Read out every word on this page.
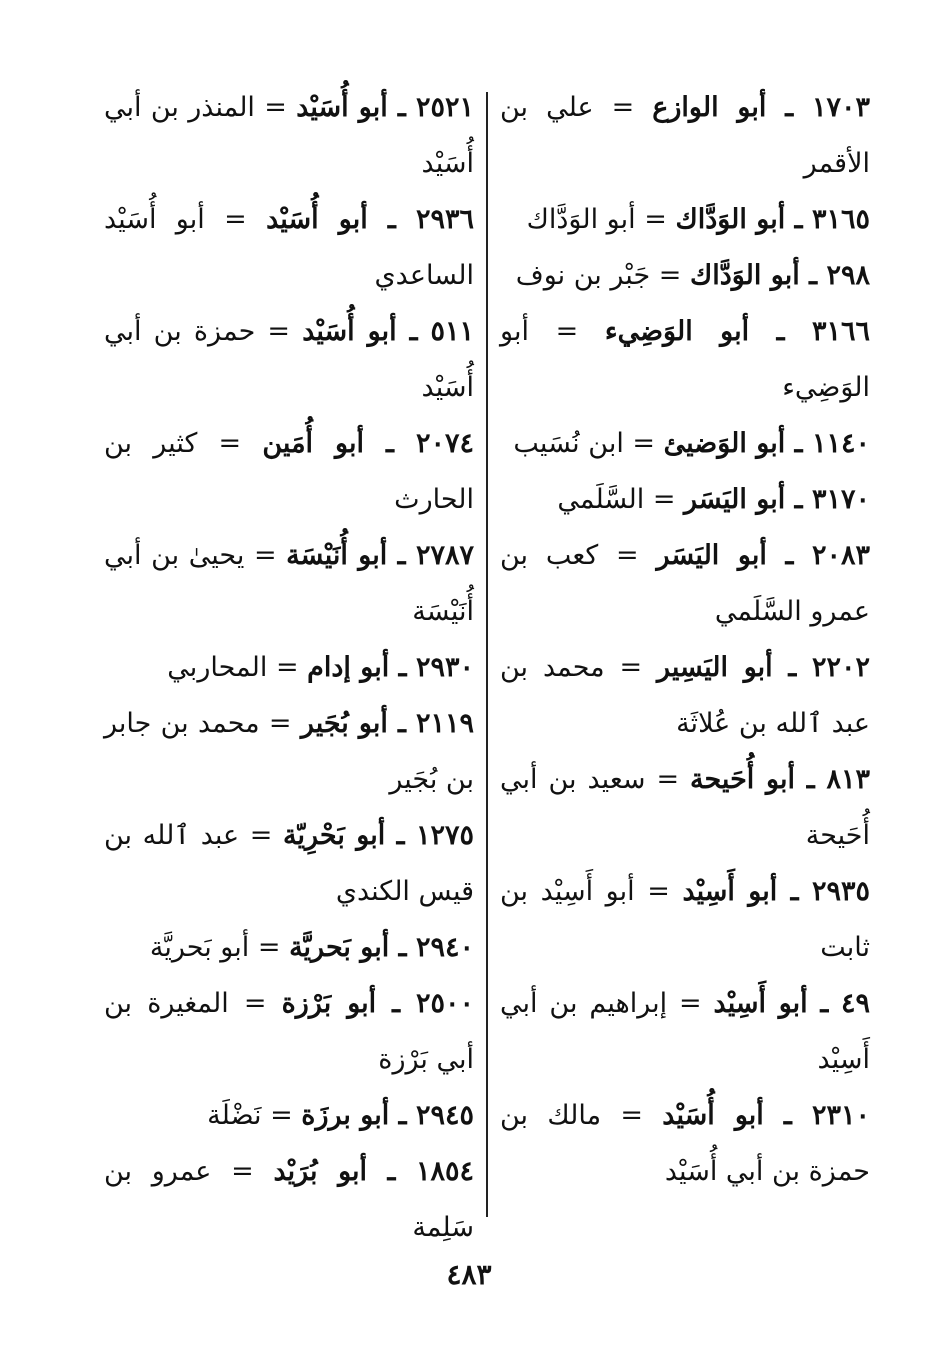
١٧٠٣ ـ أبو الوازع = علي بن الأقمر

٣١٦٥ ـ أبو الوَدَّاك = أبو الوَدَّاك

٢٩٨ ـ أبو الوَدَّاك = جَبْر بن نوف

٣١٦٦ ـ أبو الوَضِيء = أبو الوَضِيء

١١٤٠ ـ أبو الوَضيئ = ابن نُسَيب

٣١٧٠ ـ أبو اليَسَر = السَّلَمي

٢٠٨٣ ـ أبو اليَسَر = كعب بن عمرو السَّلَمي

٢٢٠٢ ـ أبو اليَسِير = محمد بن عبد ٱلله بن عُلاثَة

٨١٣ ـ أبو أُحَيحة = سعيد بن أبي أُحَيحة

٢٩٣٥ ـ أبو أَسِيْد = أبو أَسِيْد بن ثابت

٤٩ ـ أبو أَسِيْد = إبراهيم بن أبي أَسِيْد

٢٣١٠ ـ أبو أُسَيْد = مالك بن حمزة بن أبي أُسَيْد

٢٥٢١ ـ أبو أُسَيْد = المنذر بن أبي أُسَيْد

٢٩٣٦ ـ أبو أُسَيْد = أبو أُسَيْد الساعدي

٥١١ ـ أبو أُسَيْد = حمزة بن أبي أُسَيْد

٢٠٧٤ ـ أبو أُمَين = كثير بن الحارث

٢٧٨٧ ـ أبو أُنَيْسَة = يحيىٰ بن أبي أُنَيْسَة

٢٩٣٠ ـ أبو إدام = المحاربي

٢١١٩ ـ أبو بُجَير = محمد بن جابر بن بُجَير

١٢٧٥ ـ أبو بَحْرِيّة = عبد ٱلله بن قيس الكندي

٢٩٤٠ ـ أبو بَحريَّة = أبو بَحريَّة

٢٥٠٠ ـ أبو بَرْزة = المغيرة بن أبي بَرْزة

٢٩٤٥ ـ أبو برزَة = نَضْلَة

١٨٥٤ ـ أبو بُرَيْد = عمرو بن سَلِمة

٤٨٣
